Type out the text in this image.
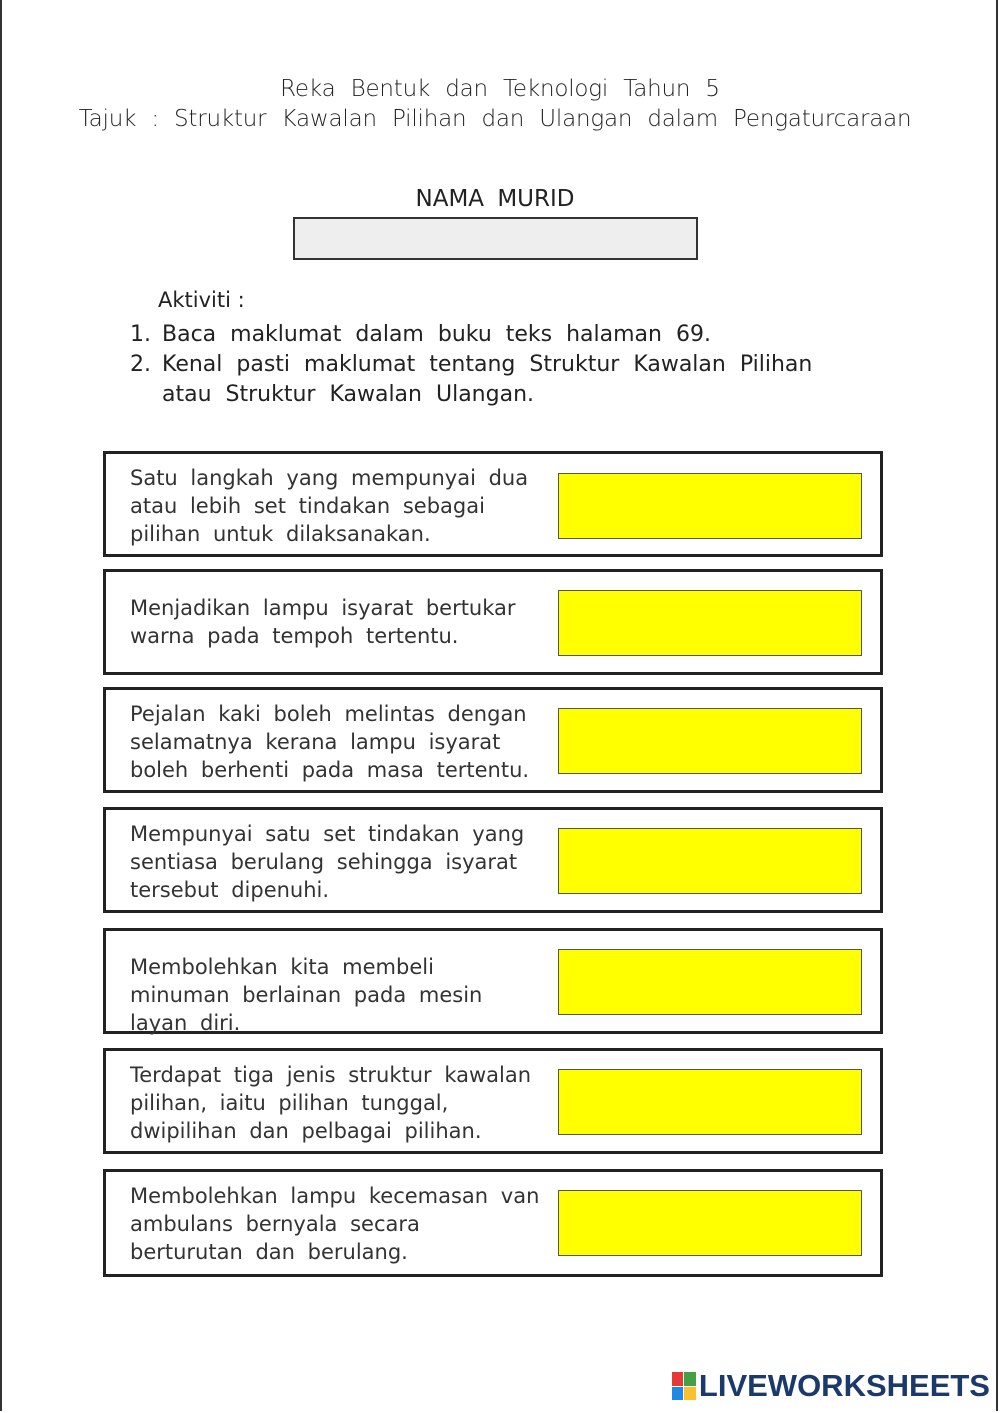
Reka Bentuk dan Teknologi Tahun 5
Tajuk : Struktur Kawalan Pilihan dan Ulangan dalam Pengaturcaraan
NAMA MURID
Aktiviti :
1. Baca maklumat dalam buku teks halaman 69.
2. Kenal pasti maklumat tentang Struktur Kawalan Pilihan atau Struktur Kawalan Ulangan.
Satu langkah yang mempunyai dua atau lebih set tindakan sebagai pilihan untuk dilaksanakan.
Menjadikan lampu isyarat bertukar warna pada tempoh tertentu.
Pejalan kaki boleh melintas dengan selamatnya kerana lampu isyarat boleh berhenti pada masa tertentu.
Mempunyai satu set tindakan yang sentiasa berulang sehingga isyarat tersebut dipenuhi.
Membolehkan kita membeli minuman berlainan pada mesin layan diri.
Terdapat tiga jenis struktur kawalan pilihan, iaitu pilihan tunggal, dwipilihan dan pelbagai pilihan.
Membolehkan lampu kecemasan van ambulans bernyala secara berturutan dan berulang.
LIVEWORKSHEETS
